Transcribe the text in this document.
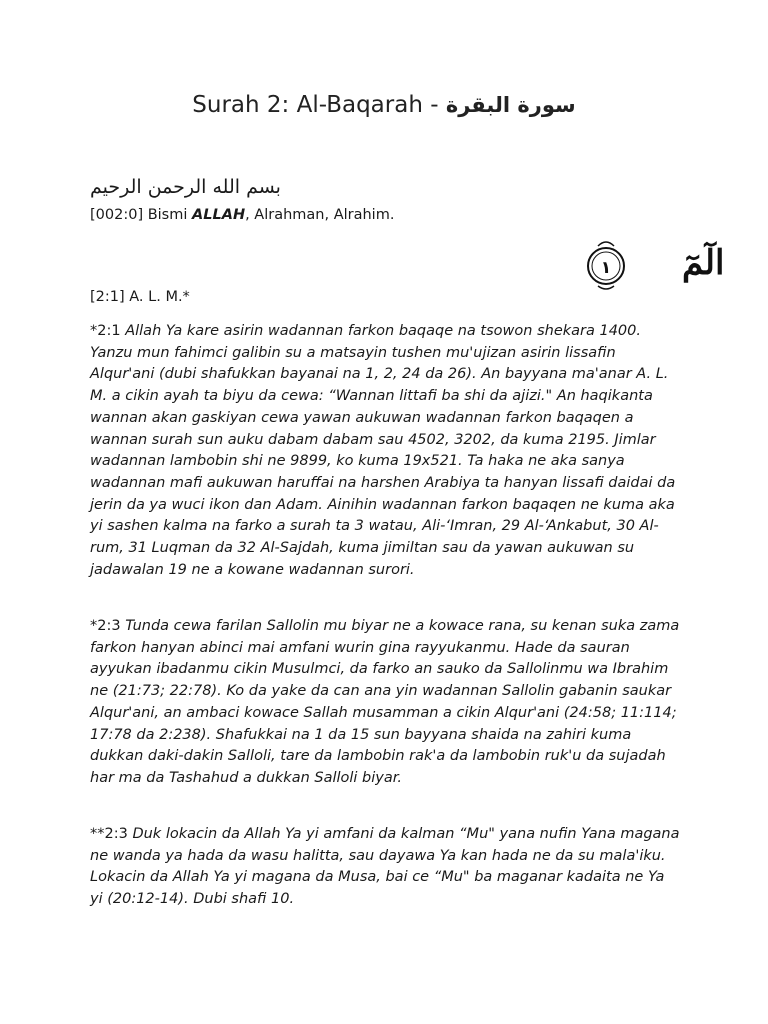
Surah 2: Al-Baqarah - سورة البقرة
بسم الله الرحمن الرحيم
[002:0] Bismi ALLAH, Alrahman, Alrahim.
١ الٓمٓ
[2:1] A. L. M.*
*2:1 Allah Ya kare asirin wadannan farkon baqaqe na tsowon shekara 1400. Yanzu mun fahimci galibin su a matsayin tushen mu'ujizan asirin lissafin Alqur'ani (dubi shafukkan bayanai na 1, 2, 24 da 26). An bayyana ma'anar A. L. M. a cikin ayah ta biyu da cewa: “Wannan littafi ba shi da ajizi." An haqikanta wannan akan gaskiyan cewa yawan aukuwan wadannan farkon baqaqen a wannan surah sun auku dabam dabam sau 4502, 3202, da kuma 2195. Jimlar wadannan lambobin shi ne 9899, ko kuma 19x521. Ta haka ne aka sanya wadannan mafi aukuwan haruffai na harshen Arabiya ta hanyan lissafi daidai da jerin da ya wuci ikon dan Adam. Ainihin wadannan farkon baqaqen ne kuma aka yi sashen kalma na farko a surah ta 3 watau, Ali-‘Imran, 29 Al-‘Ankabut, 30 Al-rum, 31 Luqman da 32 Al-Sajdah, kuma jimiltan sau da yawan aukuwan su jadawalan 19 ne a kowane wadannan surori.
*2:3 Tunda cewa farilan Sallolin mu biyar ne a kowace rana, su kenan suka zama farkon hanyan abinci mai amfani wurin gina rayyukanmu. Hade da sauran ayyukan ibadanmu cikin Musulmci, da farko an sauko da Sallolinmu wa Ibrahim ne (21:73; 22:78). Ko da yake da can ana yin wadannan Sallolin gabanin saukar Alqur'ani, an ambaci kowace Sallah musamman a cikin Alqur'ani (24:58; 11:114; 17:78 da 2:238). Shafukkai na 1 da 15 sun bayyana shaida na zahiri kuma dukkan daki-dakin Salloli, tare da lambobin rak'a da lambobin ruk'u da sujadah har ma da Tashahud a dukkan Salloli biyar.
**2:3 Duk lokacin da Allah Ya yi amfani da kalman “Mu" yana nufin Yana magana ne wanda ya hada da wasu halitta, sau dayawa Ya kan hada ne da su mala'iku. Lokacin da Allah Ya yi magana da Musa, bai ce “Mu" ba maganar kadaita ne Ya yi (20:12-14). Dubi shafi 10.
